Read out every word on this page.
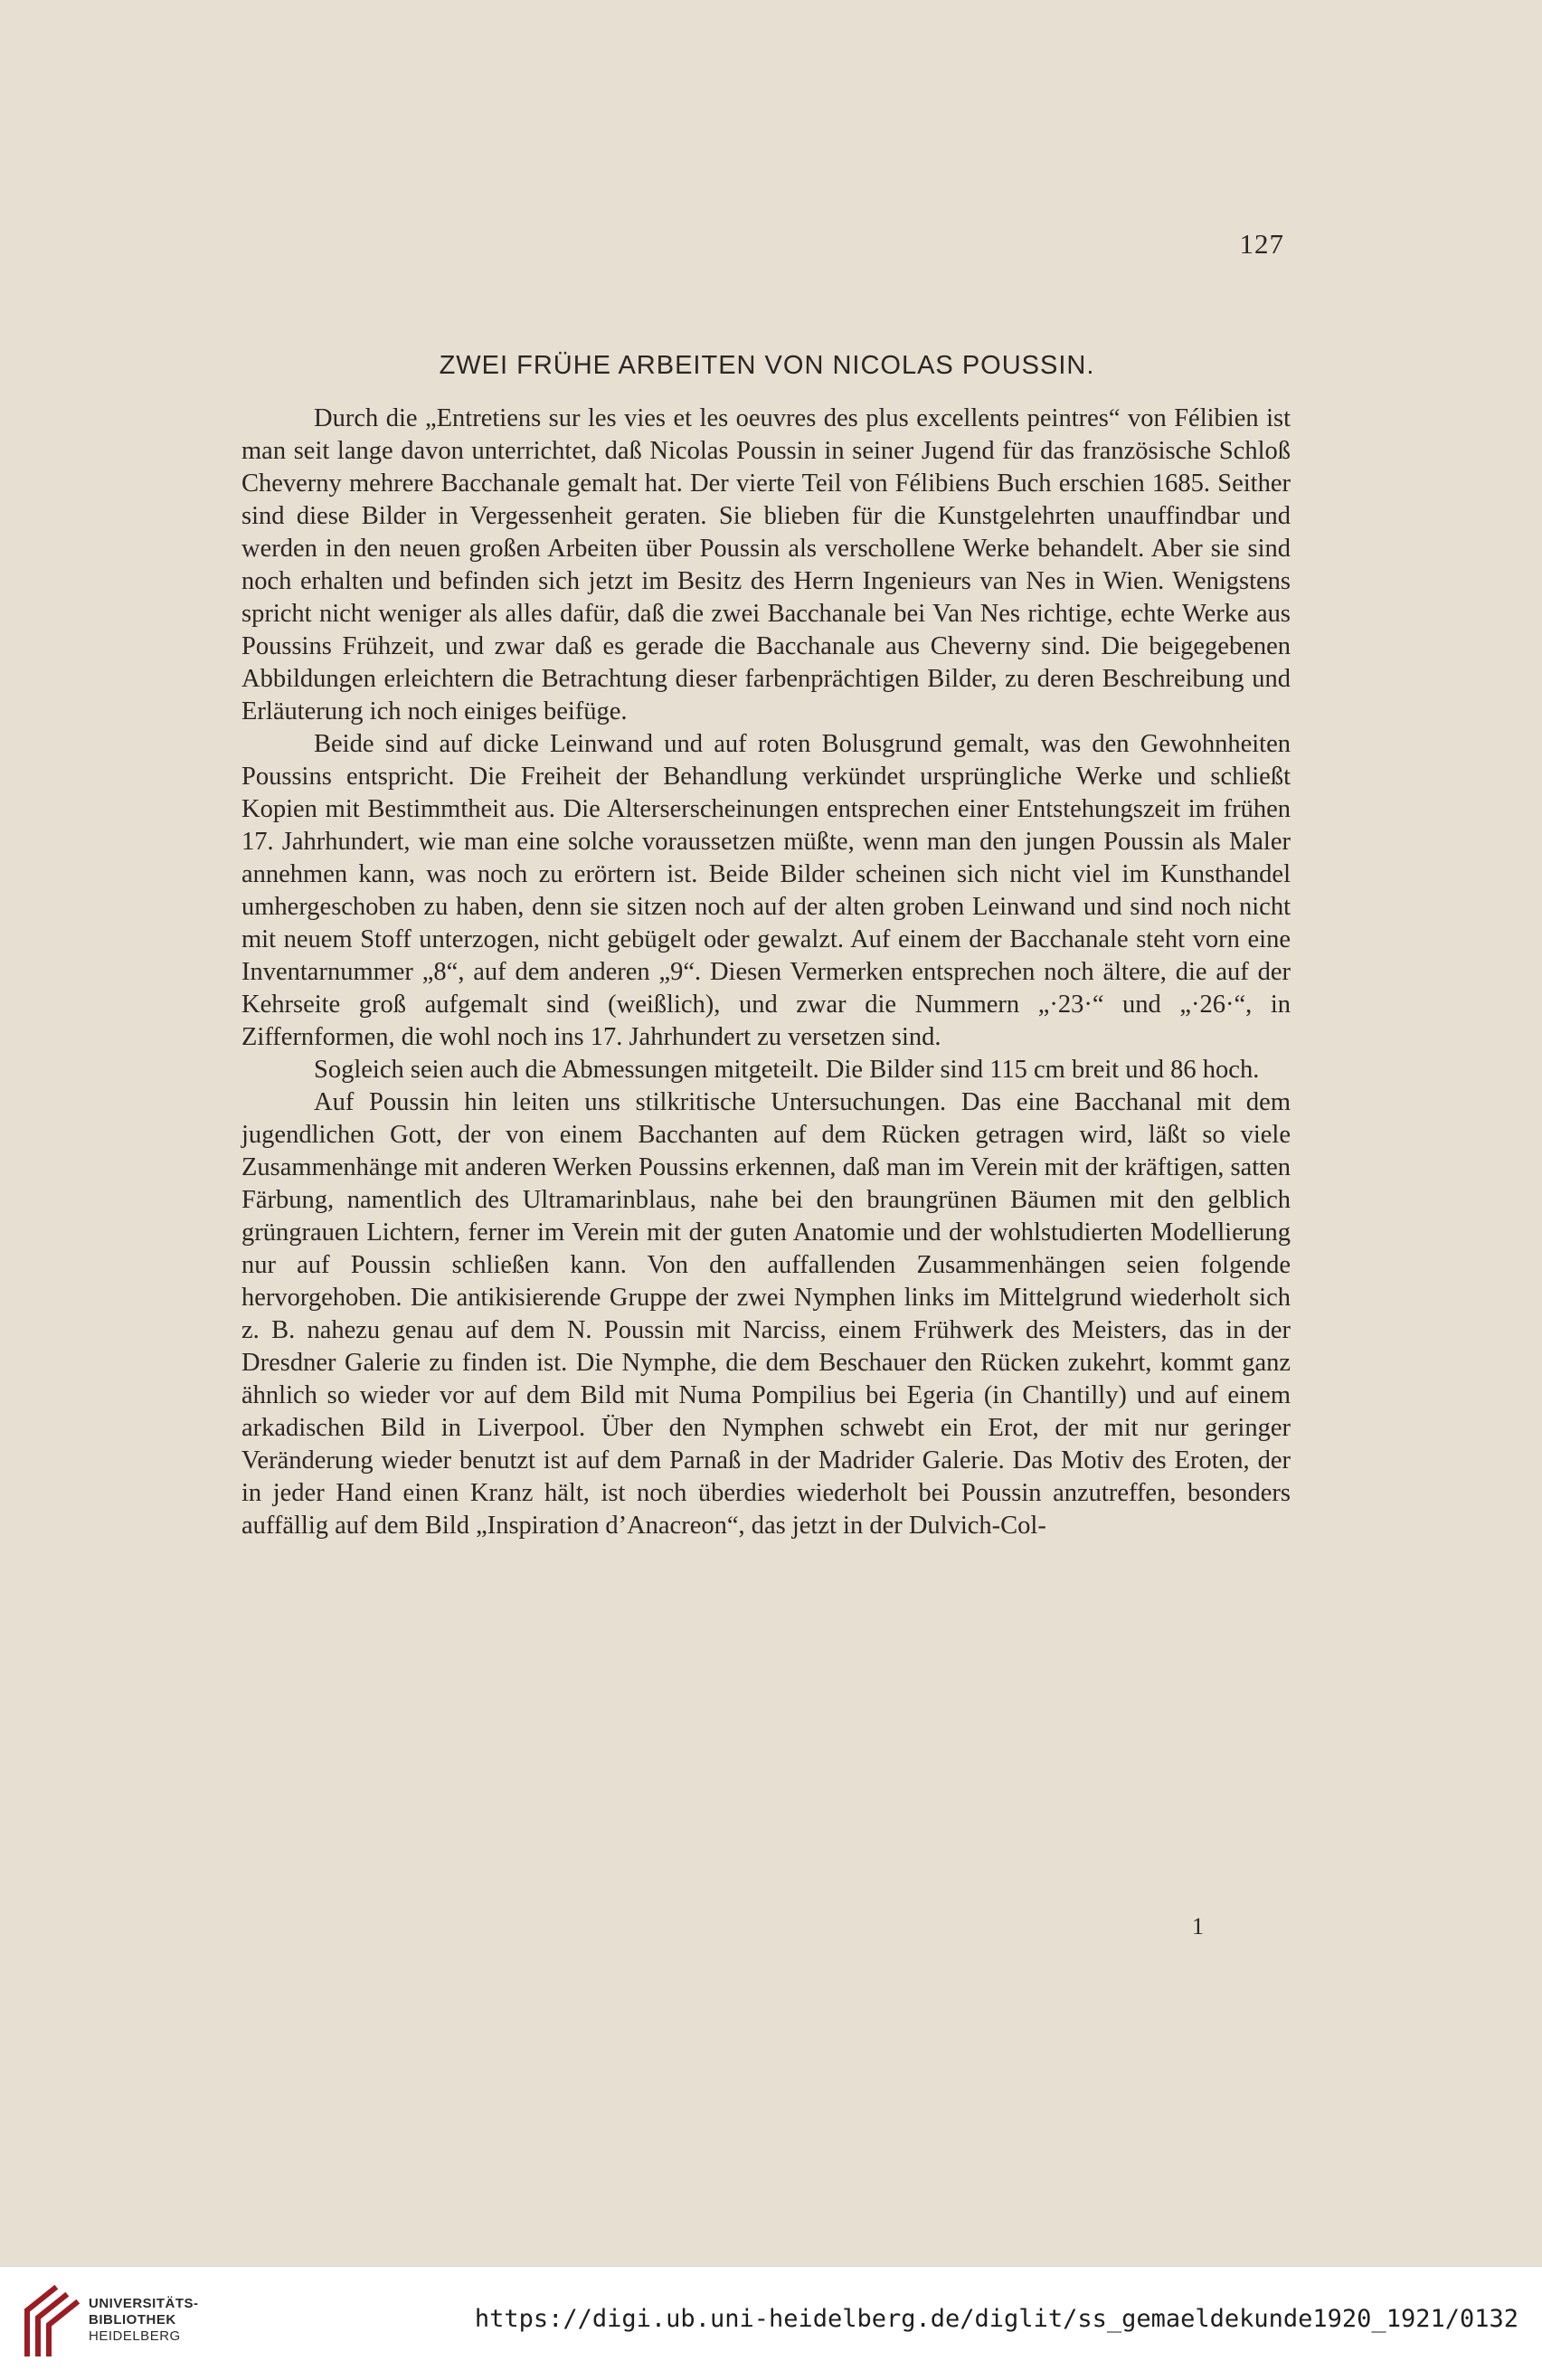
127
ZWEI FRÜHE ARBEITEN VON NICOLAS POUSSIN.

Durch die „Entretiens sur les vies et les oeuvres des plus excellents peintres“ von Félibien ist man seit lange davon unterrichtet, daß Nicolas Poussin in seiner Jugend für das französische Schloß Cheverny mehrere Bacchanale gemalt hat. Der vierte Teil von Félibiens Buch erschien 1685. Seither sind diese Bilder in Vergessenheit geraten. Sie blieben für die Kunstgelehrten unauffindbar und werden in den neuen großen Arbeiten über Poussin als verschollene Werke behandelt. Aber sie sind noch erhalten und befinden sich jetzt im Besitz des Herrn Ingenieurs van Nes in Wien. Wenigstens spricht nicht weniger als alles dafür, daß die zwei Bacchanale bei Van Nes richtige, echte Werke aus Poussins Frühzeit, und zwar daß es gerade die Bacchanale aus Cheverny sind. Die beigegebenen Abbildungen erleichtern die Betrachtung dieser farbenprächtigen Bilder, zu deren Beschreibung und Erläuterung ich noch einiges beifüge.

Beide sind auf dicke Leinwand und auf roten Bolusgrund gemalt, was den Gewohnheiten Poussins entspricht. Die Freiheit der Behandlung verkündet ursprüngliche Werke und schließt Kopien mit Bestimmtheit aus. Die Alterserscheinungen entsprechen einer Entstehungszeit im frühen 17. Jahrhundert, wie man eine solche voraussetzen müßte, wenn man den jungen Poussin als Maler annehmen kann, was noch zu erörtern ist. Beide Bilder scheinen sich nicht viel im Kunsthandel umhergeschoben zu haben, denn sie sitzen noch auf der alten groben Leinwand und sind noch nicht mit neuem Stoff unterzogen, nicht gebügelt oder gewalzt. Auf einem der Bacchanale steht vorn eine Inventarnummer „8“, auf dem anderen „9“. Diesen Vermerken entsprechen noch ältere, die auf der Kehrseite groß aufgemalt sind (weißlich), und zwar die Nummern „·23·“ und „·26·“, in Ziffernformen, die wohl noch ins 17. Jahrhundert zu versetzen sind.

Sogleich seien auch die Abmessungen mitgeteilt. Die Bilder sind 115 cm breit und 86 hoch.

Auf Poussin hin leiten uns stilkritische Untersuchungen. Das eine Bacchanal mit dem jugendlichen Gott, der von einem Bacchanten auf dem Rücken getragen wird, läßt so viele Zusammenhänge mit anderen Werken Poussins erkennen, daß man im Verein mit der kräftigen, satten Färbung, namentlich des Ultramarinblaus, nahe bei den braungrünen Bäumen mit den gelblich grüngrauen Lichtern, ferner im Verein mit der guten Anatomie und der wohlstudierten Modellierung nur auf Poussin schließen kann. Von den auffallenden Zusammenhängen seien folgende hervorgehoben. Die antikisierende Gruppe der zwei Nymphen links im Mittelgrund wiederholt sich z. B. nahezu genau auf dem N. Poussin mit Narciss, einem Frühwerk des Meisters, das in der Dresdner Galerie zu finden ist. Die Nymphe, die dem Beschauer den Rücken zukehrt, kommt ganz ähnlich so wieder vor auf dem Bild mit Numa Pompilius bei Egeria (in Chantilly) und auf einem arkadischen Bild in Liverpool. Über den Nymphen schwebt ein Erot, der mit nur geringer Veränderung wieder benutzt ist auf dem Parnaß in der Madrider Galerie. Das Motiv des Eroten, der in jeder Hand einen Kranz hält, ist noch überdies wiederholt bei Poussin anzutreffen, besonders auffällig auf dem Bild „Inspiration d’Anacreon“, das jetzt in der Dulvich-Col-

1
UNIVERSITÄTS-
BIBLIOTHEK
HEIDELBERG
https://digi.ub.uni-heidelberg.de/diglit/ss_gemaeldekunde1920_1921/0132
